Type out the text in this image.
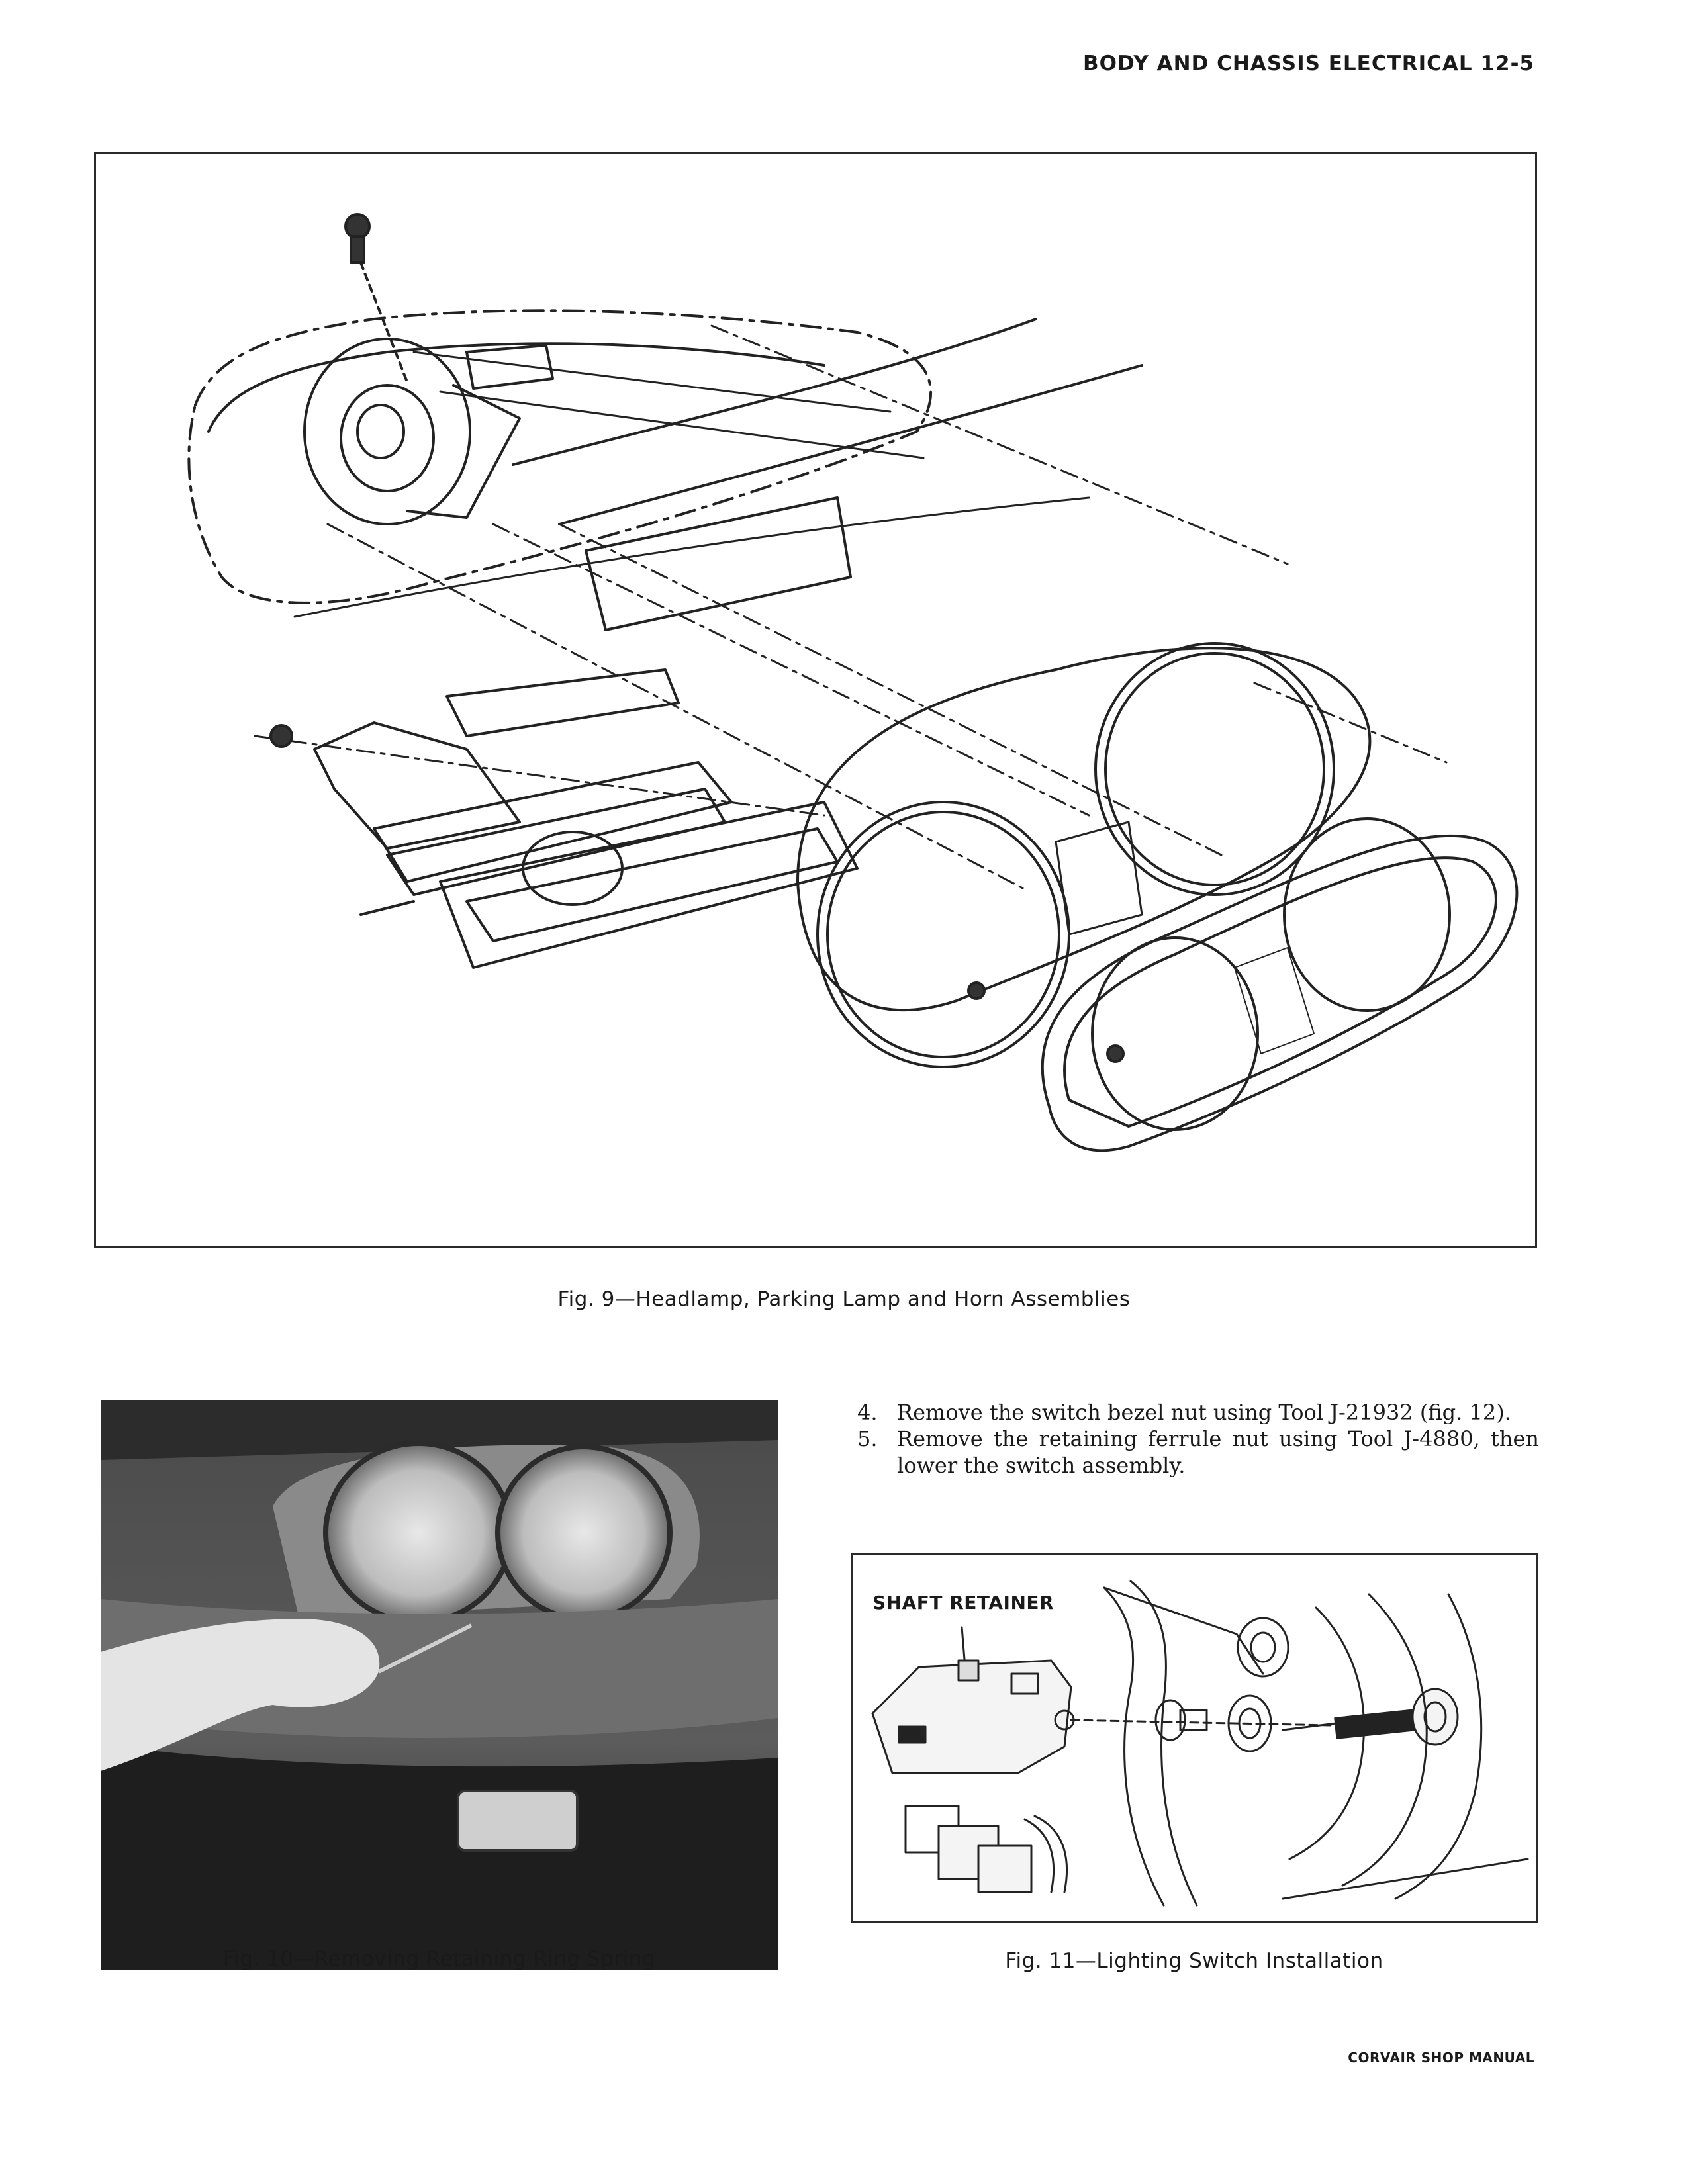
BODY AND CHASSIS ELECTRICAL 12-5
Fig. 9—Headlamp, Parking Lamp and Horn Assemblies
Fig. 10—Removing Retaining Ring Spring
4. Remove the switch bezel nut using Tool J-21932 (fig. 12).
5. Remove the retaining ferrule nut using Tool J-4880, then lower the switch assembly.
SHAFT RETAINER
Fig. 11—Lighting Switch Installation
CORVAIR SHOP MANUAL
